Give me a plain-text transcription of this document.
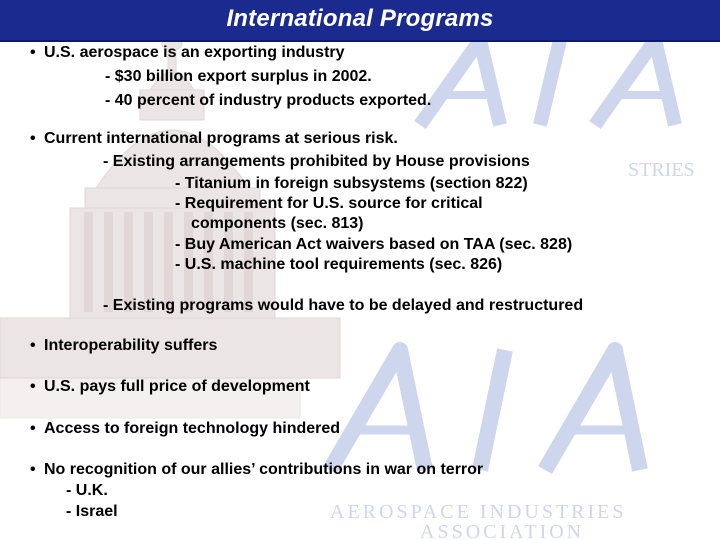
STRIES
AEROSPACE INDUSTRIES
ASSOCIATION
International Programs
• U.S. aerospace is an exporting industry
- $30 billion export surplus in 2002.
- 40 percent of industry products exported.
• Current international programs at serious risk.
- Existing arrangements prohibited by House provisions
- Titanium in foreign subsystems (section 822)
- Requirement for U.S. source for critical
components (sec. 813)
- Buy American Act waivers based on TAA (sec. 828)
- U.S. machine tool requirements (sec. 826)
- Existing programs would have to be delayed and restructured
• Interoperability suffers
• U.S. pays full price of development
• Access to foreign technology hindered
• No recognition of our allies’ contributions in war on terror
- U.K.
- Israel
